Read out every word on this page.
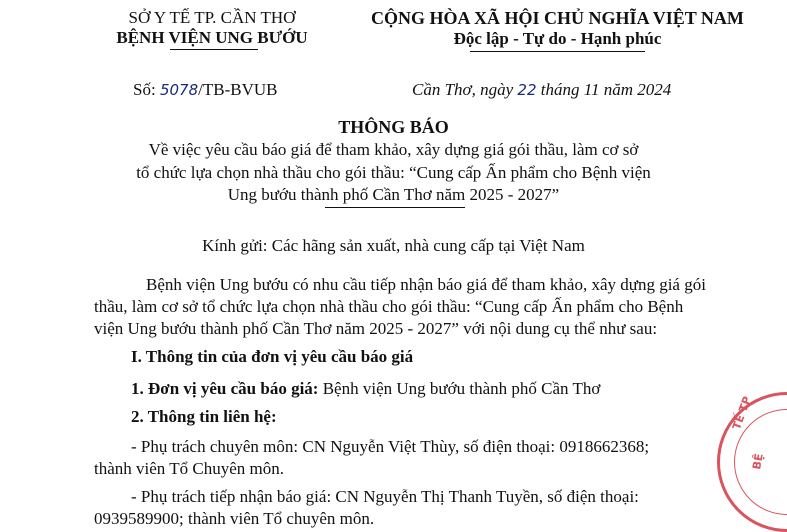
SỞ Y TẾ TP. CẦN THƠ
BỆNH VIỆN UNG BƯỚU
Số: 5078/TB-BVUB
CỘNG HÒA XÃ HỘI CHỦ NGHĨA VIỆT NAM
Độc lập - Tự do - Hạnh phúc
Cần Thơ, ngày 22 tháng 11 năm 2024
THÔNG BÁO
Về việc yêu cầu báo giá để tham khảo, xây dựng giá gói thầu, làm cơ sở
tổ chức lựa chọn nhà thầu cho gói thầu: “Cung cấp Ấn phẩm cho Bệnh viện
Ung bướu thành phố Cần Thơ năm 2025 - 2027”
Kính gửi: Các hãng sản xuất, nhà cung cấp tại Việt Nam
Bệnh viện Ung bướu có nhu cầu tiếp nhận báo giá để tham khảo, xây dựng giá gói
thầu, làm cơ sở tổ chức lựa chọn nhà thầu cho gói thầu: “Cung cấp Ấn phẩm cho Bệnh
viện Ung bướu thành phố Cần Thơ năm 2025 - 2027” với nội dung cụ thể như sau:
I. Thông tin của đơn vị yêu cầu báo giá
1. Đơn vị yêu cầu báo giá: Bệnh viện Ung bướu thành phố Cần Thơ
2. Thông tin liên hệ:
- Phụ trách chuyên môn: CN Nguyễn Việt Thùy, số điện thoại: 0918662368;
thành viên Tổ Chuyên môn.
- Phụ trách tiếp nhận báo giá: CN Nguyễn Thị Thanh Tuyền, số điện thoại:
0939589900; thành viên Tổ chuyên môn.
TẾ TP
BỆ
